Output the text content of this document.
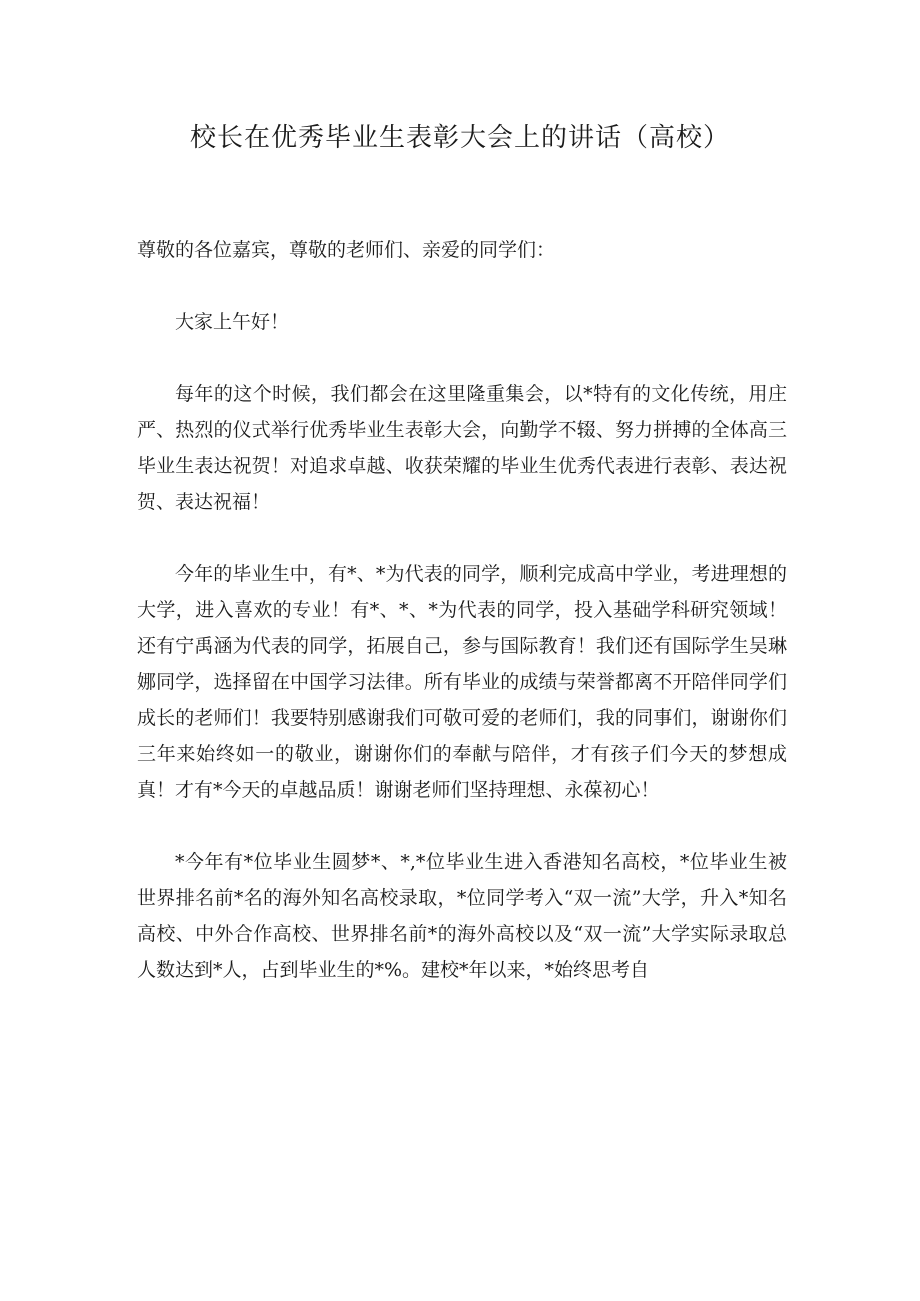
校长在优秀毕业生表彰大会上的讲话（高校）

尊敬的各位嘉宾，尊敬的老师们、亲爱的同学们：

大家上午好！

每年的这个时候，我们都会在这里隆重集会，以*特有的文化传统，用庄严、热烈的仪式举行优秀毕业生表彰大会，向勤学不辍、努力拼搏的全体高三毕业生表达祝贺！对追求卓越、收获荣耀的毕业生优秀代表进行表彰、表达祝贺、表达祝福！

今年的毕业生中，有*、*为代表的同学，顺利完成高中学业，考进理想的大学，进入喜欢的专业！有*、*、*为代表的同学，投入基础学科研究领域！还有宁禹涵为代表的同学，拓展自己，参与国际教育！我们还有国际学生吴琳娜同学，选择留在中国学习法律。所有毕业的成绩与荣誉都离不开陪伴同学们成长的老师们！我要特别感谢我们可敬可爱的老师们，我的同事们，谢谢你们三年来始终如一的敬业，谢谢你们的奉献与陪伴，才有孩子们今天的梦想成真！才有*今天的卓越品质！谢谢老师们坚持理想、永葆初心！

*今年有*位毕业生圆梦*、*,*位毕业生进入香港知名高校，*位毕业生被世界排名前*名的海外知名高校录取，*位同学考入“双一流”大学，升入*知名高校、中外合作高校、世界排名前*的海外高校以及“双一流”大学实际录取总人数达到*人，占到毕业生的*%。建校*年以来，*始终思考自
